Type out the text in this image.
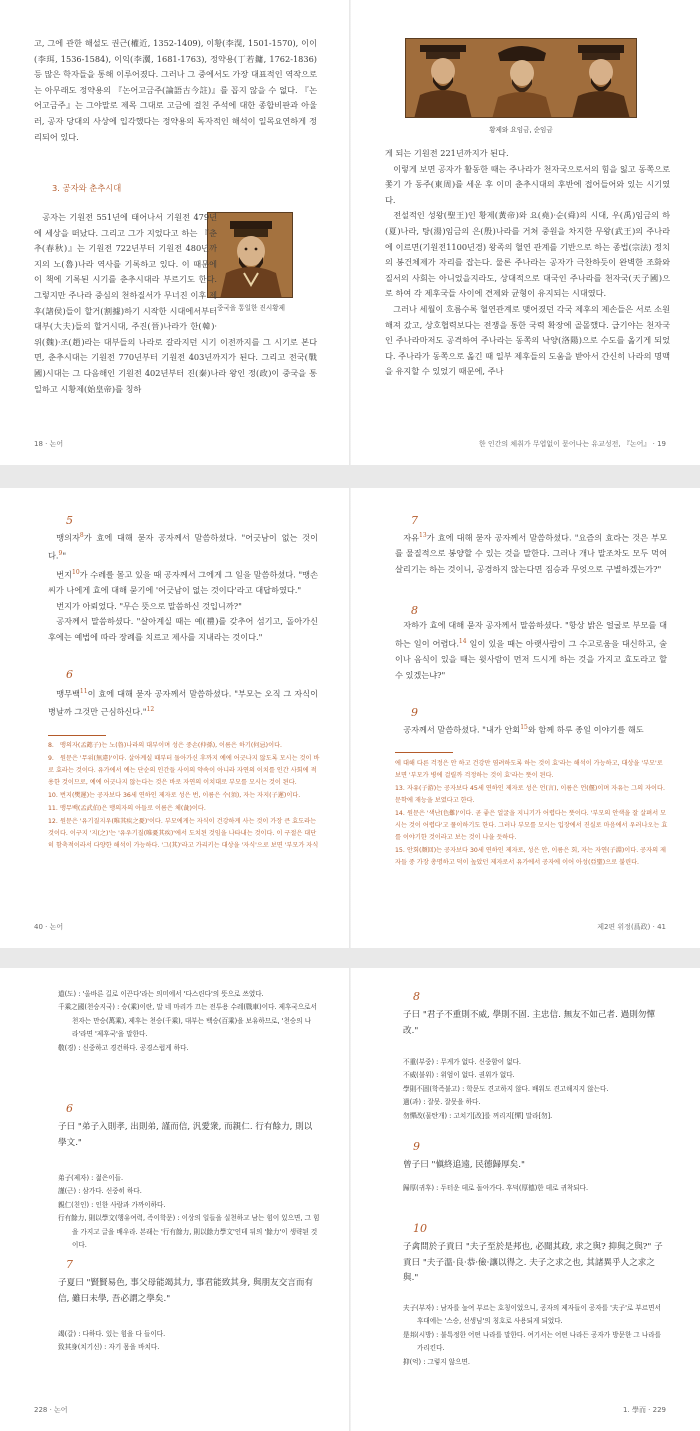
고, 그에 관한 해설도 권근(權近, 1352-1409), 이황(李滉, 1501-1570), 이이(李珥, 1536-1584), 이익(李瀷, 1681-1763), 정약용(丁若鏞, 1762-1836) 등 많은 학자들을 통해 이루어졌다. 그러나 그 중에서도 가장 대표적인 역작으로는 아무래도 정약용의 『논어고금주(論語古今註)』를 꼽지 않을 수 없다. 『논어고금주』는 그야말로 제목 그대로 고금에 걸친 주석에 대한 종합비판과 아울러, 공자 당대의 사상에 입각했다는 정약용의 독자적인 해석이 일목요연하게 정리되어 있다.

3. 공자와 춘추시대
중국을 통일한 진시황제

공자는 기원전 551년에 태어나서 기원전 479년에 세상을 떠났다. 그리고 그가 지었다고 하는 『춘추(春秋)』는 기원전 722년부터 기원전 480년까지의 노(魯)나라 역사를 기록하고 있다. 이 때문에 이 책에 기록된 시기를 춘추시대라 부르기도 한다. 그렇지만 주나라 중심의 천하질서가 무너진 이후 제후(諸侯)들이 할거(割據)하기 시작한 시대에서부터 대부(大夫)들의 할거시대, 주진(晉)나라가 한(韓)·위(魏)·조(趙)라는 대부들의 나라로 갈라지던 시기 이전까지를 그 시기로 본다면, 춘추시대는 기원전 770년부터 기원전 403년까지가 된다. 그리고 전국(戰國)시대는 그 다음해인 기원전 402년부터 진(秦)나라 왕인 정(政)이 중국을 통일하고 시황제(始皇帝)를 칭하

18 · 논어
황제와 요임금, 순임금

게 되는 기원전 221년까지가 된다.

이렇게 보면 공자가 활동한 때는 주나라가 천자국으로서의 힘을 잃고 동쪽으로 쫓기 가 동주(東周)를 세운 후 이미 춘추시대의 후반에 접어들어와 있는 시기였다.

전설적인 성왕(聖王)인 황제(黃帝)와 요(堯)·순(舜)의 시대, 우(禹)임금의 하(夏)나라, 탕(湯)임금의 은(殷)나라를 거쳐 중원을 차지한 무왕(武王)의 주나라에 이르면(기원전1100년경) 왕족의 혈연 관계를 기반으로 하는 종법(宗法) 정치의 봉건체제가 자리를 잡는다. 물론 주나라는 공자가 극찬하듯이 완벽한 조화와 질서의 사회는 아니었을지라도, 상대적으로 대국인 주나라를 천자국(天子國)으로 하여 각 제후국들 사이에 견제와 균형이 유지되는 시대였다.

그러나 세월이 흐름수록 혈연관계로 맺어졌던 각국 제후의 제손들은 서로 소원해져 갔고, 상호협력보다는 전쟁을 통한 국력 확장에 골몰했다. 급기야는 천자국인 주나라마저도 공격하여 주나라는 동쪽의 낙양(洛陽)으로 수도를 옮기게 되었다. 주나라가 동쪽으로 옮긴 때 일부 제후들의 도움을 받아서 간신히 나라의 명맥을 유지할 수 있었기 때문에, 주나

한 인간의 체취가 무엽없이 묻어나는 유교성전, 『논어』 · 19
5

맹의자$^8$가 효에 대해 묻자 공자께서 말씀하셨다. "어긋남이 없는 것이다.$^9$"

번지$^{10}$가 수레를 몰고 있을 때 공자께서 그에게 그 일을 말씀하셨다. "맹손씨가 나에게 효에 대해 묻기에 '어긋남이 없는 것이다'라고 대답하였다."

번지가 아뢰었다. "무슨 뜻으로 말씀하신 것입니까?"

공자께서 말씀하셨다. "살아계실 때는 예(禮)를 갖추어 섬기고, 돌아가신 후에는 예법에 따라 장례를 치르고 제사를 지내라는 것이다."

6

맹무백$^{11}$이 효에 대해 묻자 공자께서 말씀하셨다. "부모는 오직 그 자식이 병날까 그것만 근심하신다."$^{12}$

8. 맹의자(孟懿子)는 노(魯)나라의 대부이며 성은 중손(仲孫), 이름은 하기(何忌)이다.
9. 원문은 '무위(無違)'이다. 살아계실 때부터 돌아가신 후까지 예에 어긋나지 않도록 모시는 것이 바로 효라는 것이다. 유가에서 예는 단순의 인간들 사이의 약속이 아니라 자연의 이치를 인간 사회에 적용한 것이므로, 예에 어긋나지 않는다는 것은 바로 자연의 이치대로 부모를 모시는 것이 된다.
10. 번지(樊遲)는 공자보다 36세 연하인 제자로 성은 번, 이름은 수(須), 자는 자지(子遲)이다.
11. 맹무백(孟武伯)은 맹의자의 아들로 이름은 체(彘)이다.
12. 원문은 '유기질지우(唯其疾之憂)'이다. 부모에게는 자식이 건강하게 사는 것이 가장 큰 효도라는 것이다. 이구지 '지(之)'는 '유우기질(唯憂其疾)'에서 도치된 것임을 나타내는 것이다. 이 구절은 대단히 함축적이라서 다양한 해석이 가능하다. '그(其)'라고 가리키는 대상을 '자식'으로 보면 '부모가 자식
40 · 논어
7

자유$^{13}$가 효에 대해 묻자 공자께서 말씀하셨다. "요즘의 효라는 것은 부모를 물질적으로 봉양할 수 있는 것을 말한다. 그러나 개나 말조차도 모두 먹여 살리기는 하는 것이니, 공경하지 않는다면 짐승과 무엇으로 구별하겠는가?"

8

자하가 효에 대해 묻자 공자께서 말씀하셨다. "항상 밝은 얼굴로 부모를 대하는 일이 어렵다.$^{14}$ 일이 있을 때는 아랫사람이 그 수고로움을 대신하고, 술이나 음식이 있을 때는 윗사람이 먼저 드시게 하는 것을 가지고 효도라고 할 수 있겠는냐?"

9

공자께서 말씀하셨다. "내가 안회$^{15}$와 함께 하루 종일 이야기를 해도

에 대해 다른 걱정은 안 하고 건강만 염려하도록 하는 것이 효'라는 해석이 가능하고, 대상을 '부모'로 보면 '부모가 병에 걸릴까 걱정하는 것이 효'라는 뜻이 된다.
13. 자유(子游)는 공자보다 45세 연하인 제자로 성은 언(言), 이름은 언(偃)이며 자유는 그의 자이다. 문학에 재능을 보였다고 한다.
14. 원문은 '색난(色難)'이다. 곧 좋은 얼굴을 지니기가 어렵다는 뜻이다. '부모의 안색을 잘 살펴서 모시는 것이 어렵다'고 풀이하기도 한다. 그러나 부모를 모시는 입장에서 진실로 마음에서 우러나오는 효를 이야기한 것이라고 보는 것이 나을 듯하다.
15. 안회(顏回)는 공자보다 30세 연하인 제자로, 성은 안, 이름은 회, 자는 자연(子淵)이다. 공자의 제자들 중 가장 총명하고 덕이 높았던 제자로서 유가에서 공자에 이어 아성(亞聖)으로 불린다.
제2편 위정(爲政) · 41
道(도) : '올바른 길로 이끈다'라는 의미에서 '다스린다'의 뜻으로 쓰였다.
千乘之國(천승지국) : 승(乘)이란, 말 네 마리가 끄는 전투용 수레(戰車)이다. 제후국으로서 천자는 만승(萬乘), 제후는 천승(千乘), 대부는 백승(百乘)을 보유하므로, '천승의 나라'라면 '제후국'을 말한다.
敬(경) : 신중하고 경건하다. 공경스럽게 하다.
6
子曰 "弟子入則孝, 出則弟, 謹而信, 汎愛衆, 而親仁. 行有餘力, 則以學文."
弟子(제자) : 젊은이들.
謹(근) : 삼가다. 신중히 하다.
親仁(친인) : 인한 사람과 가까이하다.
行有餘力, 則以學文(행유여력, 즉이학문) : 이상의 일들을 실천하고 남는 힘이 있으면, 그 힘을 가지고 글을 배우라. 본래는 '行有餘力, 則以餘力學文'인데 뒤의 '餘力'이 생략된 것이다.
7
子夏曰 "賢賢易色, 事父母能竭其力, 事君能致其身, 與朋友交言而有信, 雖曰未學, 吾必謂之學矣."
竭(갈) : 다하다. 있는 힘을 다 들이다.
致其身(치기신) : 자기 몸을 바치다.
228 · 논어
8
子曰 "君子不重則不威, 學則不固. 主忠信. 無友不如己者. 過則勿憚改."
不重(부중) : 무게가 없다. 신중함이 없다.
不威(불위) : 위엄이 없다. 권위가 없다.
學則不固(학즉불고) : 학문도 견고하지 않다. 배워도 견고해지지 않는다.
過(과) : 잘못. 잘못을 하다.
勿憚改(물탄개) : 고치기[改]를 꺼리지[憚] 말라[勿].
9
曾子曰 "愼終追遠, 民德歸厚矣."
歸厚(귀후) : 두터운 데로 돌아가다. 후덕(厚德)한 데로 귀착되다.
10
子禽問於子貢曰 "夫子至於是邦也, 必聞其政, 求之與? 抑與之與?" 子貢曰 "夫子溫·良·恭·儉·讓以得之. 夫子之求之也, 其諸異乎人之求之與."
夫子(부자) : 남자를 높여 부르는 호칭이었으니, 공자의 제자들이 공자를 '夫子'로 부르면서 후대에는 '스승, 선생님'의 칭호로 사용되게 되었다.
是邦(시방) : 불특정한 어떤 나라를 말한다. 여기서는 어떤 나라든 공자가 방문한 그 나라를 가리킨다.
抑(억) : 그렇지 않으면.
1. 學而 · 229
